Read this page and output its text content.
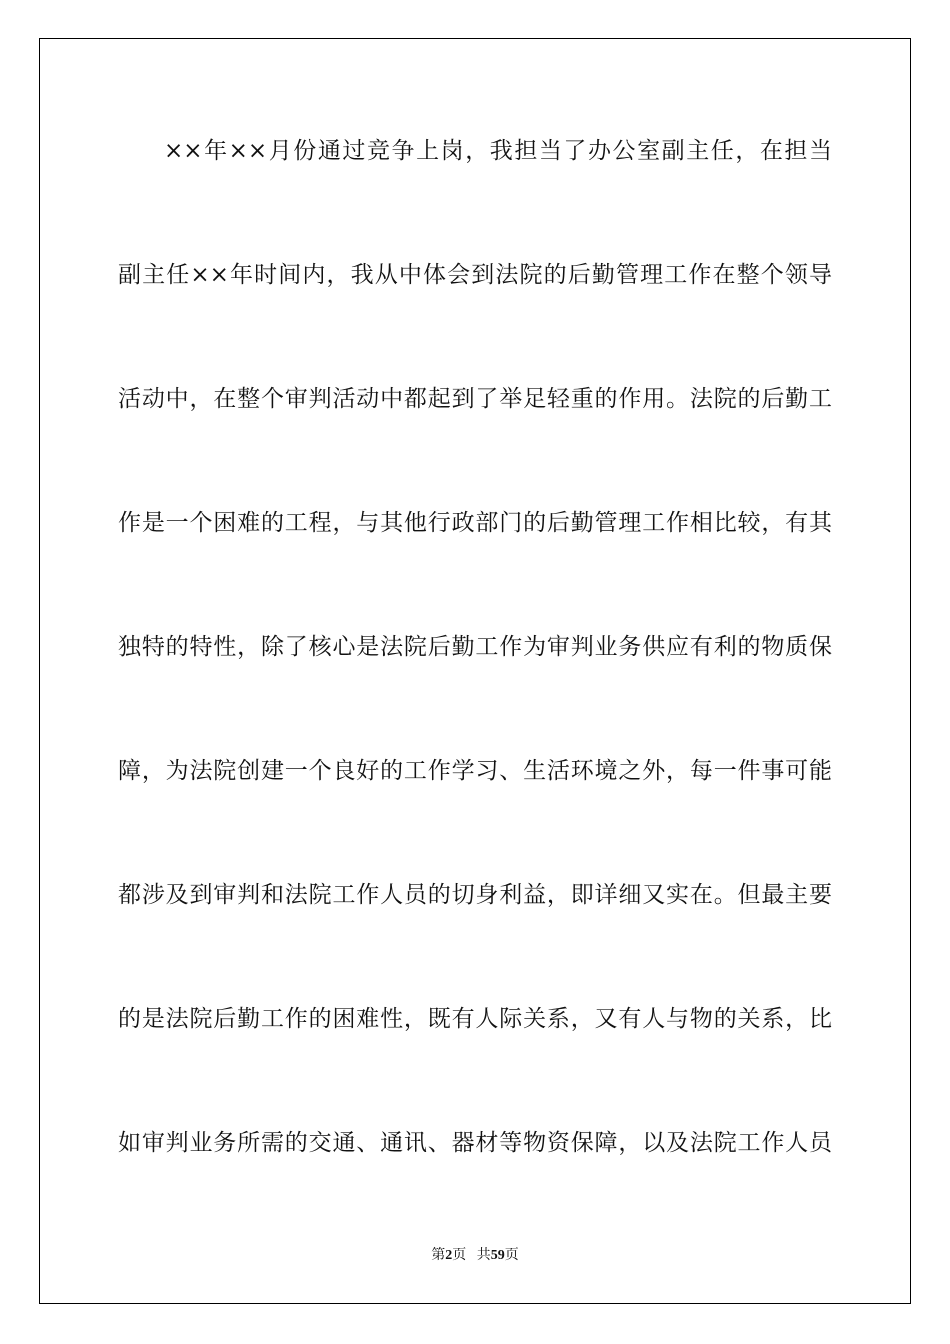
××年××月份通过竞争上岗，我担当了办公室副主任，在担当
副主任××年时间内，我从中体会到法院的后勤管理工作在整个领导
活动中，在整个审判活动中都起到了举足轻重的作用。法院的后勤工
作是一个困难的工程，与其他行政部门的后勤管理工作相比较，有其
独特的特性，除了核心是法院后勤工作为审判业务供应有利的物质保
障，为法院创建一个良好的工作学习、生活环境之外，每一件事可能
都涉及到审判和法院工作人员的切身利益，即详细又实在。但最主要
的是法院后勤工作的困难性，既有人际关系，又有人与物的关系，比
如审判业务所需的交通、通讯、器材等物资保障，以及法院工作人员
第2页 共59页
